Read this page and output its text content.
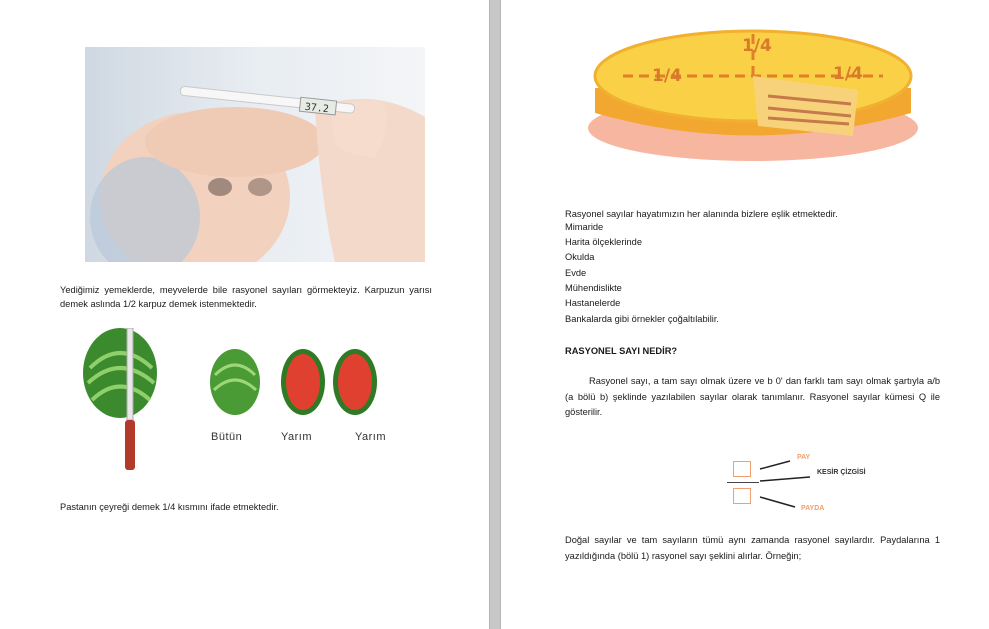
37.2
Yediğimiz yemeklerde, meyvelerde bile rasyonel sayıları görmekteyiz. Karpuzun yarısı demek aslında 1/2 karpuz demek istenmektedir.
Bütün	Yarım	Yarım
Pastanın çeyreği demek 1/4 kısmını ifade etmektedir.
1/4
1/4	1/4
Rasyonel sayılar hayatımızın her alanında bizlere eşlik etmektedir.
Mimaride
Harita ölçeklerinde
Okulda
Evde
Mühendislikte
Hastanelerde
Bankalarda gibi örnekler çoğaltılabilir.
RASYONEL SAYI NEDİR?
Rasyonel sayı, a tam sayı olmak üzere ve b 0' dan farklı tam sayı olmak şartıyla a/b (a bölü b) şeklinde yazılabilen sayılar olarak tanımlanır. Rasyonel sayılar kümesi Q ile gösterilir.
PAY
KESİR ÇİZGİSİ
PAYDA
Doğal sayılar ve tam sayıların tümü aynı zamanda rasyonel sayılardır. Paydalarına 1 yazıldığında (bölü 1) rasyonel sayı şeklini alırlar. Örneğin;
